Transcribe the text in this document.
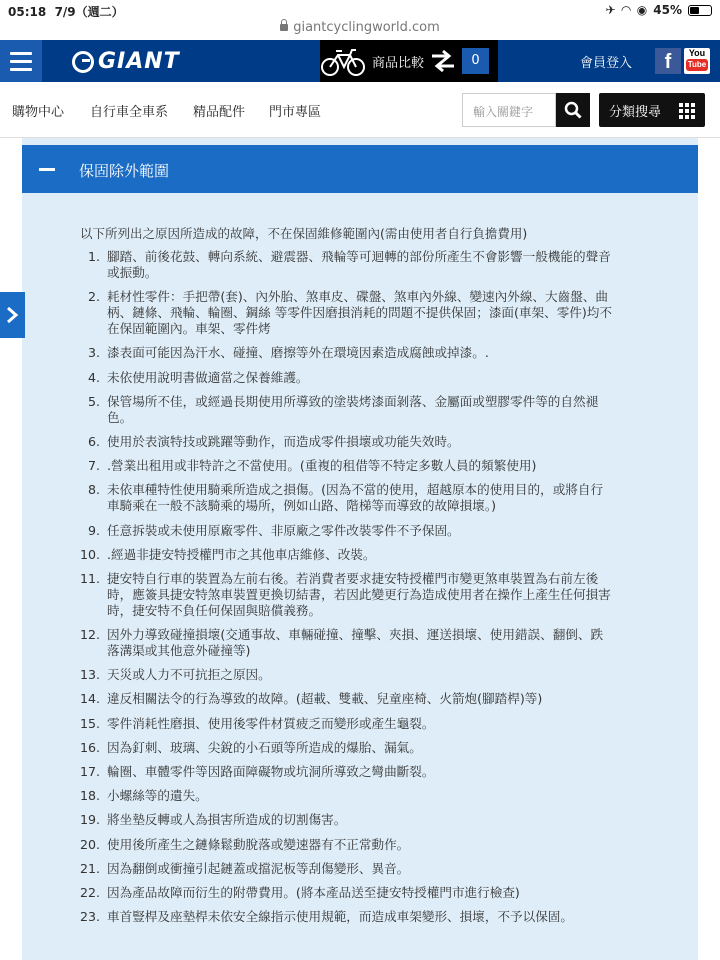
05:18 7/9（週二）	✈ ◠ ◉ 45%
giantcyclingworld.com
GIANT	商品比較	0	會員登入	f	You
Tube
購物中心 自行車全車系 精品配件 門市專區	輸入關鍵字	分類搜尋
保固除外範圍
以下所列出之原因所造成的故障，不在保固維修範圍內(需由使用者自行負擔費用)
1. 腳踏、前後花鼓、轉向系統、避震器、飛輪等可迴轉的部份所產生不會影響一般機能的聲音
或振動。
2. 耗材性零件：手把帶(套)、內外胎、煞車皮、碟盤、煞車內外線、變速內外線、大齒盤、曲
柄、鏈條、飛輪、輪圈、鋼絲 等零件因磨損消耗的問題不提供保固；漆面(車架、零件)均不
在保固範圍內。車架、零件烤
3. 漆表面可能因為汗水、碰撞、磨擦等外在環境因素造成腐蝕或掉漆。.
4. 未依使用說明書做適當之保養維護。
5. 保管場所不佳，或經過長期使用所導致的塗裝烤漆面剝落、金屬面或塑膠零件等的自然褪
色。
6. 使用於表演特技或跳躍等動作，而造成零件損壞或功能失效時。
7. .營業出租用或非特許之不當使用。(重複的租借等不特定多數人員的頻繁使用)
8. 未依車種特性使用騎乘所造成之損傷。(因為不當的使用，超越原本的使用目的，或將自行
車騎乘在一般不該騎乘的場所，例如山路、階梯等而導致的故障損壞。)
9. 任意拆裝或未使用原廠零件、非原廠之零件改裝零件不予保固。
10. .經過非捷安特授權門市之其他車店維修、改裝。
11. 捷安特自行車的裝置為左前右後。若消費者要求捷安特授權門市變更煞車裝置為右前左後
時，應簽具捷安特煞車裝置更換切結書，若因此變更行為造成使用者在操作上產生任何損害
時，捷安特不負任何保固與賠償義務。
12. 因外力導致碰撞損壞(交通事故、車輛碰撞、撞擊、夾損、運送損壞、使用錯誤、翻倒、跌
落溝渠或其他意外碰撞等)
13. 天災或人力不可抗拒之原因。
14. 違反相關法令的行為導致的故障。(超載、雙載、兒童座椅、火箭炮(腳踏桿)等)
15. 零件消耗性磨損、使用後零件材質疲乏而變形或產生龜裂。
16. 因為釘刺、玻璃、尖銳的小石頭等所造成的爆胎、漏氣。
17. 輪圈、車體零件等因路面障礙物或坑洞所導致之彎曲斷裂。
18. 小螺絲等的遺失。
19. 將坐墊反轉或人為損害所造成的切割傷害。
20. 使用後所產生之鏈條鬆動脫落或變速器有不正常動作。
21. 因為翻倒或衝撞引起鏈蓋或擋泥板等刮傷變形、異音。
22. 因為產品故障而衍生的附帶費用。(將本產品送至捷安特授權門市進行檢查)
23. 車首豎桿及座墊桿未依安全線指示使用規範，而造成車架變形、損壞，不予以保固。
